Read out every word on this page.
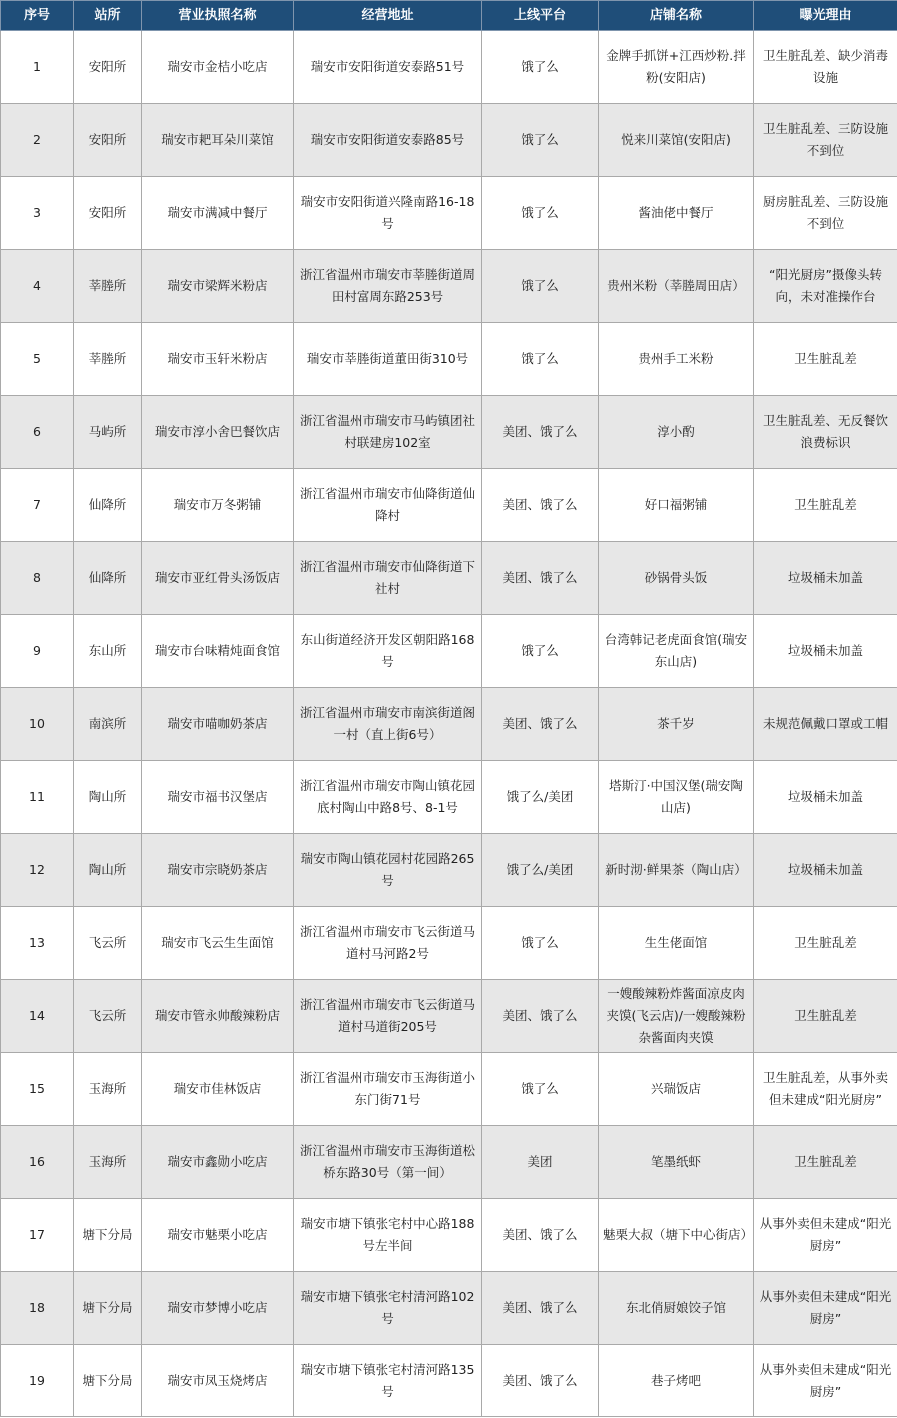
序号	站所	营业执照名称	经营地址	上线平台	店铺名称	曝光理由
1	安阳所	瑞安市金桔小吃店	瑞安市安阳街道安泰路51号	饿了么	金牌手抓饼+江西炒粉.拌粉(安阳店)	卫生脏乱差、缺少消毒设施
2	安阳所	瑞安市耙耳朵川菜馆	瑞安市安阳街道安泰路85号	饿了么	悦来川菜馆(安阳店)	卫生脏乱差、三防设施不到位
3	安阳所	瑞安市满减中餐厅	瑞安市安阳街道兴隆南路16-18号	饿了么	酱油佬中餐厅	厨房脏乱差、三防设施不到位
4	莘塍所	瑞安市梁辉米粉店	浙江省温州市瑞安市莘塍街道周田村富周东路253号	饿了么	贵州米粉（莘塍周田店）	“阳光厨房”摄像头转向，未对准操作台
5	莘塍所	瑞安市玉轩米粉店	瑞安市莘塍街道董田街310号	饿了么	贵州手工米粉	卫生脏乱差
6	马屿所	瑞安市淳小舍巴餐饮店	浙江省温州市瑞安市马屿镇团社村联建房102室	美团、饿了么	淳小酌	卫生脏乱差、无反餐饮浪费标识
7	仙降所	瑞安市万冬粥铺	浙江省温州市瑞安市仙降街道仙降村	美团、饿了么	好口福粥铺	卫生脏乱差
8	仙降所	瑞安市亚红骨头汤饭店	浙江省温州市瑞安市仙降街道下社村	美团、饿了么	砂锅骨头饭	垃圾桶未加盖
9	东山所	瑞安市台味精炖面食馆	东山街道经济开发区朝阳路168号	饿了么	台湾韩记老虎面食馆(瑞安东山店)	垃圾桶未加盖
10	南滨所	瑞安市喵咖奶茶店	浙江省温州市瑞安市南滨街道阁一村（直上街6号）	美团、饿了么	茶千岁	未规范佩戴口罩或工帽
11	陶山所	瑞安市福书汉堡店	浙江省温州市瑞安市陶山镇花园底村陶山中路8号、8-1号	饿了么/美团	塔斯汀·中国汉堡(瑞安陶山店)	垃圾桶未加盖
12	陶山所	瑞安市宗晓奶茶店	瑞安市陶山镇花园村花园路265号	饿了么/美团	新时沏·鲜果茶（陶山店）	垃圾桶未加盖
13	飞云所	瑞安市飞云生生面馆	浙江省温州市瑞安市飞云街道马道村马河路2号	饿了么	生生佬面馆	卫生脏乱差
14	飞云所	瑞安市管永帅酸辣粉店	浙江省温州市瑞安市飞云街道马道村马道街205号	美团、饿了么	一嫂酸辣粉炸酱面凉皮肉夹馍(飞云店)/一嫂酸辣粉杂酱面肉夹馍	卫生脏乱差
15	玉海所	瑞安市佳林饭店	浙江省温州市瑞安市玉海街道小东门街71号	饿了么	兴瑞饭店	卫生脏乱差，从事外卖但未建成“阳光厨房”
16	玉海所	瑞安市鑫勋小吃店	浙江省温州市瑞安市玉海街道松桥东路30号（第一间）	美团	笔墨纸虾	卫生脏乱差
17	塘下分局	瑞安市魅栗小吃店	瑞安市塘下镇张宅村中心路188号左半间	美团、饿了么	魅栗大叔（塘下中心街店）	从事外卖但未建成“阳光厨房”
18	塘下分局	瑞安市梦博小吃店	瑞安市塘下镇张宅村清河路102号	美团、饿了么	东北俏厨娘饺子馆	从事外卖但未建成“阳光厨房”
19	塘下分局	瑞安市凤玉烧烤店	瑞安市塘下镇张宅村清河路135号	美团、饿了么	巷子烤吧	从事外卖但未建成“阳光厨房”
